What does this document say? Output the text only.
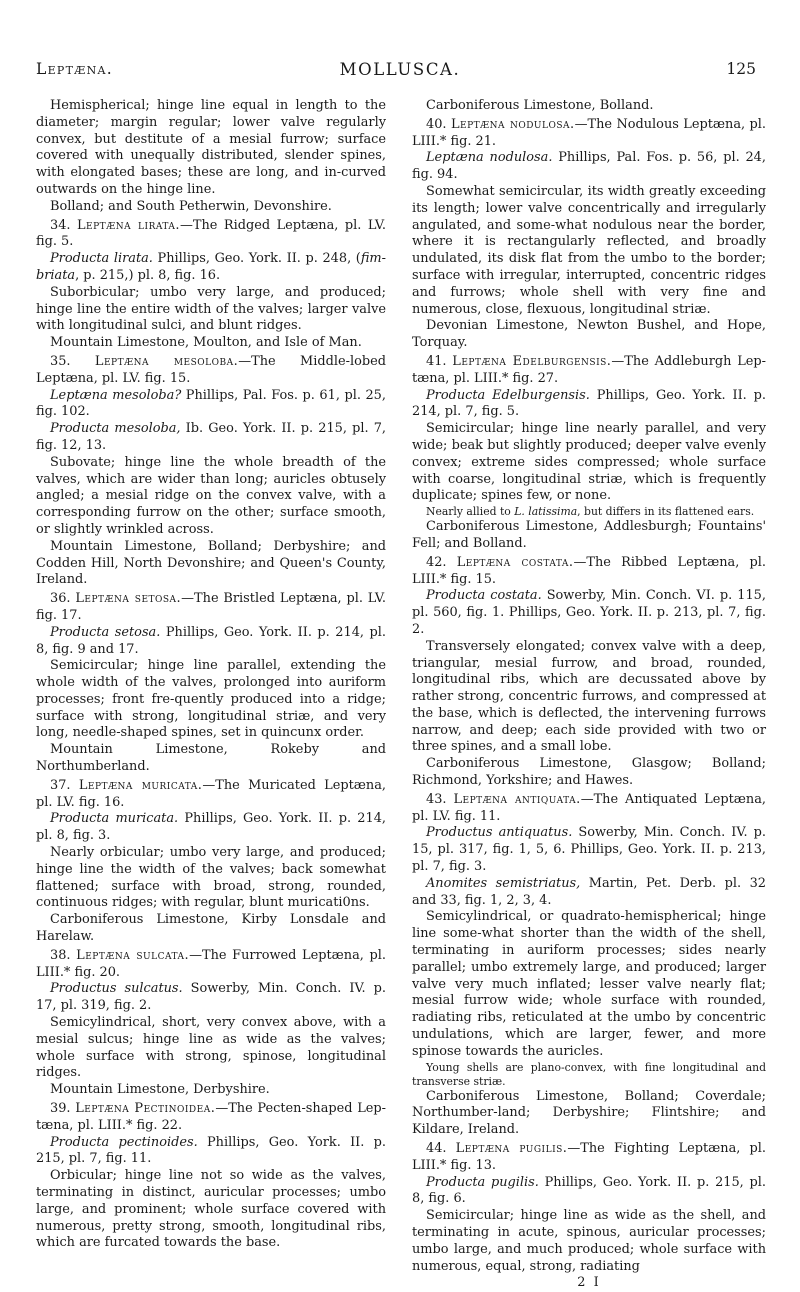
Leptæna.	MOLLUSCA.	125

Hemispherical; hinge line equal in length to the diameter; margin regular; lower valve regularly convex, but destitute of a mesial furrow; surface covered with unequally distributed, slender spines, with elongated bases; these are long, and in-curved outwards on the hinge line.

Bolland; and South Petherwin, Devonshire.

34. Leptæna lirata.—The Ridged Leptæna, pl. LV. fig. 5.

Producta lirata. Phillips, Geo. York. II. p. 248, (fim-briata, p. 215,) pl. 8, fig. 16.

Suborbicular; umbo very large, and produced; hinge line the entire width of the valves; larger valve with longitudinal sulci, and blunt ridges.

Mountain Limestone, Moulton, and Isle of Man.

35. Leptæna mesoloba.—The Middle-lobed Leptæna, pl. LV. fig. 15.

Leptæna mesoloba? Phillips, Pal. Fos. p. 61, pl. 25, fig. 102.

Producta mesoloba, Ib. Geo. York. II. p. 215, pl. 7, fig. 12, 13.

Subovate; hinge line the whole breadth of the valves, which are wider than long; auricles obtusely angled; a mesial ridge on the convex valve, with a corresponding furrow on the other; surface smooth, or slightly wrinkled across.

Mountain Limestone, Bolland; Derbyshire; and Codden Hill, North Devonshire; and Queen's County, Ireland.

36. Leptæna setosa.—The Bristled Leptæna, pl. LV. fig. 17.

Producta setosa. Phillips, Geo. York. II. p. 214, pl. 8, fig. 9 and 17.

Semicircular; hinge line parallel, extending the whole width of the valves, prolonged into auriform processes; front fre-quently produced into a ridge; surface with strong, longitudinal striæ, and very long, needle-shaped spines, set in quincunx order.

Mountain Limestone, Rokeby and Northumberland.

37. Leptæna muricata.—The Muricated Leptæna, pl. LV. fig. 16.

Producta muricata. Phillips, Geo. York. II. p. 214, pl. 8, fig. 3.

Nearly orbicular; umbo very large, and produced; hinge line the width of the valves; back somewhat flattened; surface with broad, strong, rounded, continuous ridges; with regular, blunt muricati0ns.

Carboniferous Limestone, Kirby Lonsdale and Harelaw.

38. Leptæna sulcata.—The Furrowed Leptæna, pl. LIII.* fig. 20.

Productus sulcatus. Sowerby, Min. Conch. IV. p. 17, pl. 319, fig. 2.

Semicylindrical, short, very convex above, with a mesial sulcus; hinge line as wide as the valves; whole surface with strong, spinose, longitudinal ridges.

Mountain Limestone, Derbyshire.

39. Leptæna Pectinoidea.—The Pecten-shaped Lep-tæna, pl. LIII.* fig. 22.

Producta pectinoides. Phillips, Geo. York. II. p. 215, pl. 7, fig. 11.

Orbicular; hinge line not so wide as the valves, terminating in distinct, auricular processes; umbo large, and prominent; whole surface covered with numerous, pretty strong, smooth, longitudinal ribs, which are furcated towards the base.

Carboniferous Limestone, Bolland.

40. Leptæna nodulosa.—The Nodulous Leptæna, pl. LIII.* fig. 21.

Leptæna nodulosa. Phillips, Pal. Fos. p. 56, pl. 24, fig. 94.

Somewhat semicircular, its width greatly exceeding its length; lower valve concentrically and irregularly angulated, and some-what nodulous near the border, where it is rectangularly reflected, and broadly undulated, its disk flat from the umbo to the border; surface with irregular, interrupted, concentric ridges and furrows; whole shell with very fine and numerous, close, flexuous, longitudinal striæ.

Devonian Limestone, Newton Bushel, and Hope, Torquay.

41. Leptæna Edelburgensis.—The Addleburgh Lep-tæna, pl. LIII.* fig. 27.

Producta Edelburgensis. Phillips, Geo. York. II. p. 214, pl. 7, fig. 5.

Semicircular; hinge line nearly parallel, and very wide; beak but slightly produced; deeper valve evenly convex; extreme sides compressed; whole surface with coarse, longitudinal striæ, which is frequently duplicate; spines few, or none.

Nearly allied to L. latissima, but differs in its flattened ears.

Carboniferous Limestone, Addlesburgh; Fountains' Fell; and Bolland.

42. Leptæna costata.—The Ribbed Leptæna, pl. LIII.* fig. 15.

Producta costata. Sowerby, Min. Conch. VI. p. 115, pl. 560, fig. 1. Phillips, Geo. York. II. p. 213, pl. 7, fig. 2.

Transversely elongated; convex valve with a deep, triangular, mesial furrow, and broad, rounded, longitudinal ribs, which are decussated above by rather strong, concentric furrows, and compressed at the base, which is deflected, the intervening furrows narrow, and deep; each side provided with two or three spines, and a small lobe.

Carboniferous Limestone, Glasgow; Bolland; Richmond, Yorkshire; and Hawes.

43. Leptæna antiquata.—The Antiquated Leptæna, pl. LV. fig. 11.

Productus antiquatus. Sowerby, Min. Conch. IV. p. 15, pl. 317, fig. 1, 5, 6. Phillips, Geo. York. II. p. 213, pl. 7, fig. 3.

Anomites semistriatus, Martin, Pet. Derb. pl. 32 and 33, fig. 1, 2, 3, 4.

Semicylindrical, or quadrato-hemispherical; hinge line some-what shorter than the width of the shell, terminating in auriform processes; sides nearly parallel; umbo extremely large, and produced; larger valve very much inflated; lesser valve nearly flat; mesial furrow wide; whole surface with rounded, radiating ribs, reticulated at the umbo by concentric undulations, which are larger, fewer, and more spinose towards the auricles.

Young shells are plano-convex, with fine longitudinal and transverse striæ.

Carboniferous Limestone, Bolland; Coverdale; Northumber-land; Derbyshire; Flintshire; and Kildare, Ireland.

44. Leptæna pugilis.—The Fighting Leptæna, pl. LIII.* fig. 13.

Producta pugilis. Phillips, Geo. York. II. p. 215, pl. 8, fig. 6.

Semicircular; hinge line as wide as the shell, and terminating in acute, spinous, auricular processes; umbo large, and much produced; whole surface with numerous, equal, strong, radiating

2 I
